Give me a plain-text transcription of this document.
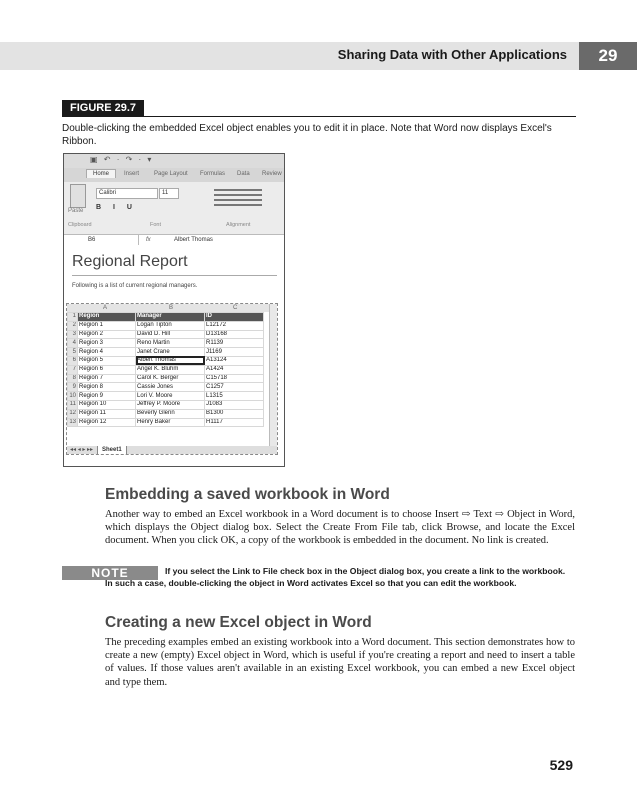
Sharing Data with Other Applications	29
FIGURE 29.7
Double-clicking the embedded Excel object enables you to edit it in place. Note that Word now displays Excel's Ribbon.
▣ ↶ · ↷ · ▾
Home	Insert Page Layout Formulas Data Review
Paste
Calibri	11
B I U
Clipboard	Font	Alignment
B6	fx	Albert Thomas
Regional Report
Following is a list of current regional managers.
A	B	C
1	Region	Manager	ID
2	Region 1	Logan Tipton	L12172
3	Region 2	David D. Hill	D13168
4	Region 3	Reno Martin	R1139
5	Region 4	Janet Crane	J1169
6	Region 5	Albert Thomas	A13124
7	Region 6	Angel K. Bluhm	A1424
8	Region 7	Carol K. Berger	C15718
9	Region 8	Cassie Jones	C1257
10	Region 9	Lori V. Moore	L1315
11	Region 10	Jeffrey P. Moore	J1083
12	Region 11	Beverly Glenn	B1300
13	Region 12	Henry Baker	H1117
◂◂ ◂ ▸ ▸▸	Sheet1
Embedding a saved workbook in Word
Another way to embed an Excel workbook in a Word document is to choose Insert ⇨ Text ⇨ Object in Word, which displays the Object dialog box. Select the Create From File tab, click Browse, and locate the Excel document. When you click OK, a copy of the workbook is embedded in the document. No link is created.
NOTE	If you select the Link to File check box in the Object dialog box, you create a link to the workbook. In such a case, double-clicking the object in Word activates Excel so that you can edit the workbook.
Creating a new Excel object in Word
The preceding examples embed an existing workbook into a Word document. This section demonstrates how to create a new (empty) Excel object in Word, which is useful if you're creating a report and need to insert a table of values. If those values aren't available in an existing Excel workbook, you can embed a new Excel object and type them.
529
